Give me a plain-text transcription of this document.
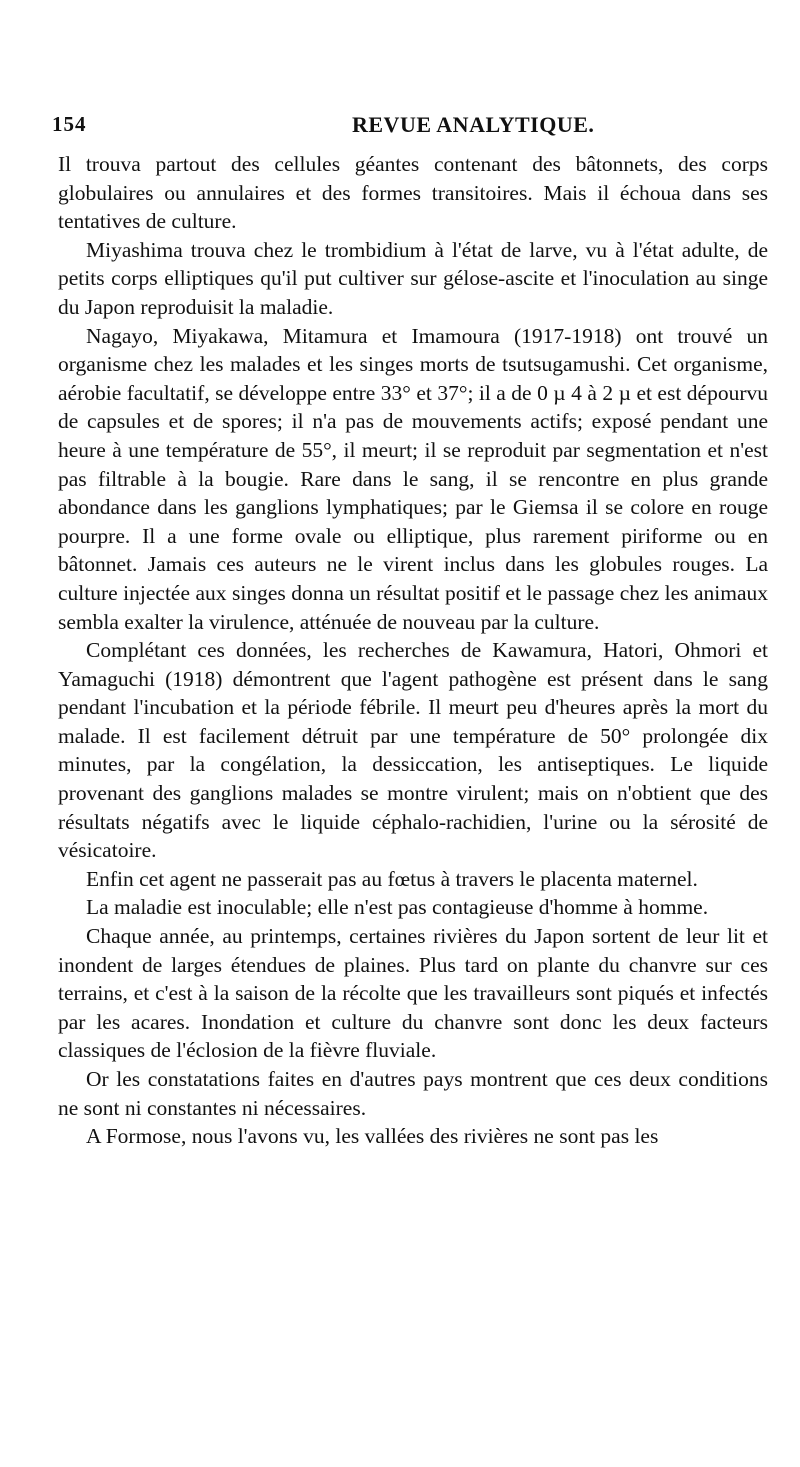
154	REVUE ANALYTIQUE.

Il trouva partout des cellules géantes contenant des bâtonnets, des corps globulaires ou annulaires et des formes transitoires. Mais il échoua dans ses tentatives de culture.

Miyashima trouva chez le trombidium à l'état de larve, vu à l'état adulte, de petits corps elliptiques qu'il put cultiver sur gélose-ascite et l'inoculation au singe du Japon reproduisit la maladie.

Nagayo, Miyakawa, Mitamura et Imamoura (1917-1918) ont trouvé un organisme chez les malades et les singes morts de tsutsugamushi. Cet organisme, aérobie facultatif, se développe entre 33° et 37°; il a de 0 µ 4 à 2 µ et est dépourvu de capsules et de spores; il n'a pas de mouvements actifs; exposé pendant une heure à une température de 55°, il meurt; il se reproduit par segmentation et n'est pas filtrable à la bougie. Rare dans le sang, il se rencontre en plus grande abondance dans les ganglions lymphatiques; par le Giemsa il se colore en rouge pourpre. Il a une forme ovale ou elliptique, plus rarement piriforme ou en bâtonnet. Jamais ces auteurs ne le virent inclus dans les globules rouges. La culture injectée aux singes donna un résultat positif et le passage chez les animaux sembla exalter la virulence, atténuée de nouveau par la culture.

Complétant ces données, les recherches de Kawamura, Hatori, Ohmori et Yamaguchi (1918) démontrent que l'agent pathogène est présent dans le sang pendant l'incubation et la période fébrile. Il meurt peu d'heures après la mort du malade. Il est facilement détruit par une température de 50° prolongée dix minutes, par la congélation, la dessiccation, les antiseptiques. Le liquide provenant des ganglions malades se montre virulent; mais on n'obtient que des résultats négatifs avec le liquide céphalo-rachidien, l'urine ou la sérosité de vésicatoire.

Enfin cet agent ne passerait pas au fœtus à travers le placenta maternel.

La maladie est inoculable; elle n'est pas contagieuse d'homme à homme.

Chaque année, au printemps, certaines rivières du Japon sortent de leur lit et inondent de larges étendues de plaines. Plus tard on plante du chanvre sur ces terrains, et c'est à la saison de la récolte que les travailleurs sont piqués et infectés par les acares. Inondation et culture du chanvre sont donc les deux facteurs classiques de l'éclosion de la fièvre fluviale.

Or les constatations faites en d'autres pays montrent que ces deux conditions ne sont ni constantes ni nécessaires.

A Formose, nous l'avons vu, les vallées des rivières ne sont pas les
